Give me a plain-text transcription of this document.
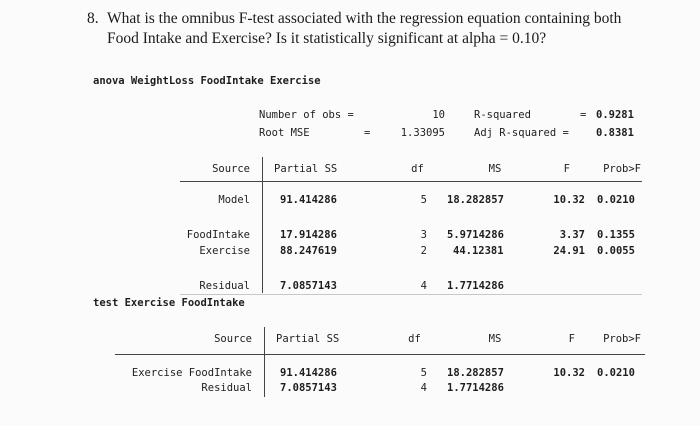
8. What is the omnibus F-test associated with the regression equation containing both
Food Intake and Exercise? Is it statistically significant at alpha = 0.10?
anova WeightLoss FoodIntake Exercise
Number of obs =	10	R-squared	= 0.9281
Root MSE	=	1.33095	Adj R-squared =	0.8381
Source Partial SS	df	MS	F	Prob>F
Model	91.414286	5 18.282857	10.32 0.0210
FoodIntake	17.914286	3 5.9714286	3.37 0.1355
Exercise	88.247619	2 44.12381	24.91 0.0055
Residual	7.0857143	4 1.7714286
test Exercise FoodIntake
Source Partial SS	df	MS	F	Prob>F
Exercise FoodIntake	91.414286	5 18.282857	10.32 0.0210
Residual	7.0857143	4 1.7714286
